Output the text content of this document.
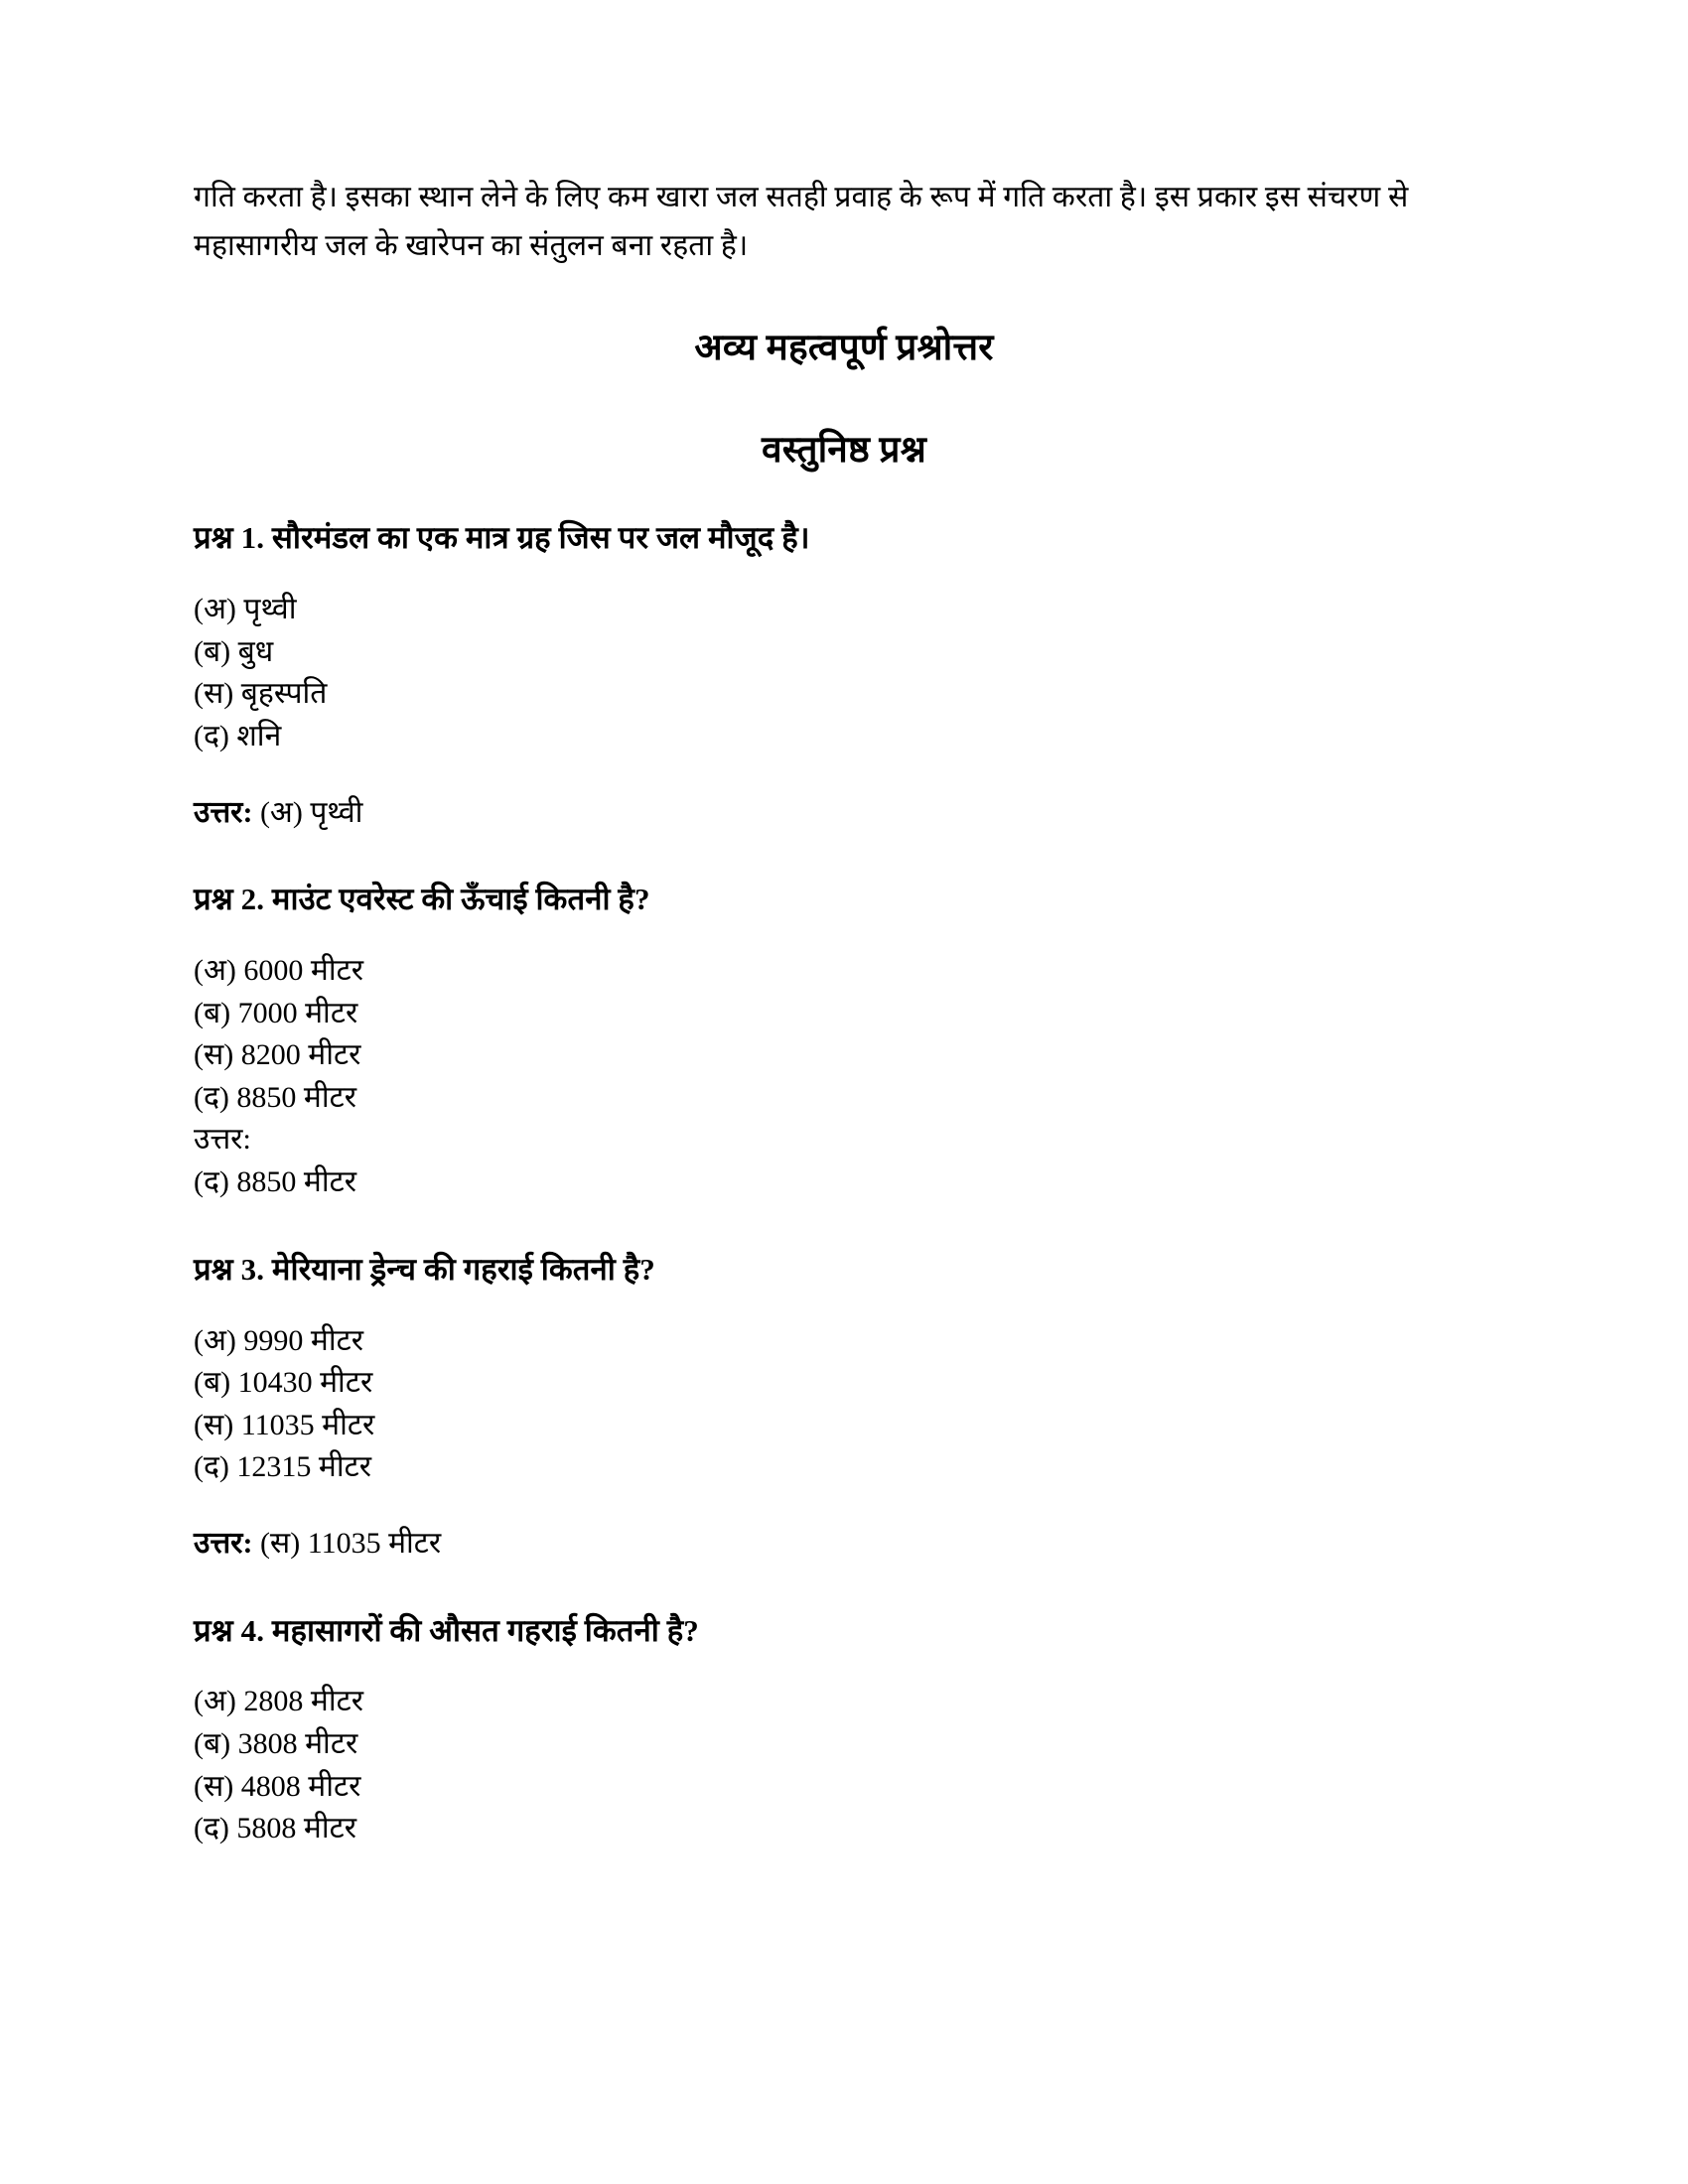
गति करता है। इसका स्थान लेने के लिए कम खारा जल सतही प्रवाह के रूप में गति करता है। इस प्रकार इस संचरण से महासागरीय जल के खारेपन का संतुलन बना रहता है।

अव्य महत्वपूर्ण प्रश्रोत्तर
वस्तुनिष्ठ प्रश्न

प्रश्न 1. सौरमंडल का एक मात्र ग्रह जिस पर जल मौजूद है।

(अ) पृथ्वी
(ब) बुध
(स) बृहस्पति
(द) शनि

उत्तर: (अ) पृथ्वी

प्रश्न 2. माउंट एवरेस्ट की ऊँचाई कितनी है?

(अ) 6000 मीटर
(ब) 7000 मीटर
(स) 8200 मीटर
(द) 8850 मीटर
उत्तर:
(द) 8850 मीटर

प्रश्न 3. मेरियाना ड्रेन्च की गहराई कितनी है?

(अ) 9990 मीटर
(ब) 10430 मीटर
(स) 11035 मीटर
(द) 12315 मीटर

उत्तर: (स) 11035 मीटर

प्रश्न 4. महासागरों की औसत गहराई कितनी है?

(अ) 2808 मीटर
(ब) 3808 मीटर
(स) 4808 मीटर
(द) 5808 मीटर
